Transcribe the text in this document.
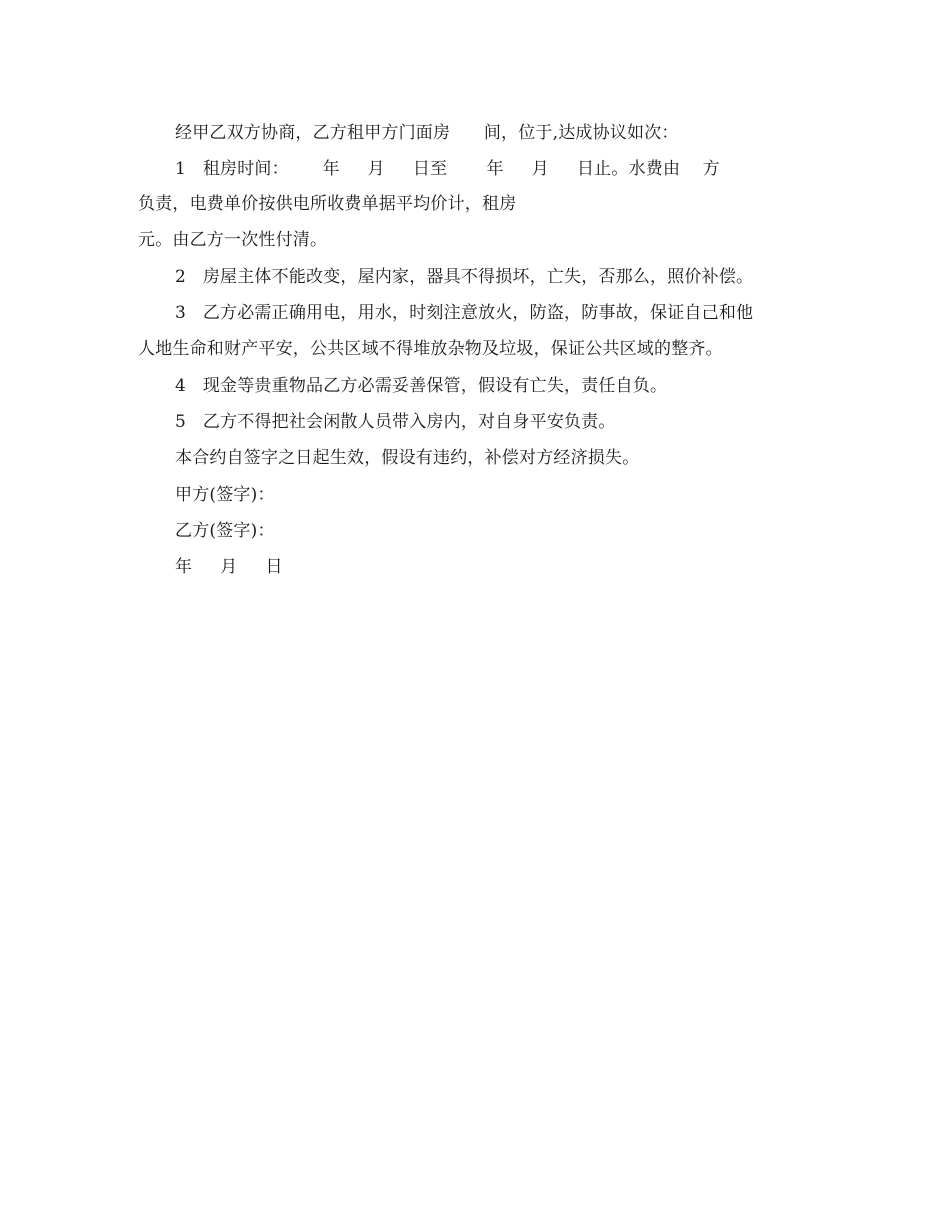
经甲乙双方协商，乙方租甲方门面房      间，位于,达成协议如次：
1   租房时间：      年     月     日至       年     月     日止。水费由    方
负责，电费单价按供电所收费单据平均价计，租房
元。由乙方一次性付清。
2   房屋主体不能改变，屋内家，器具不得损坏，亡失，否那么，照价补偿。
3   乙方必需正确用电，用水，时刻注意放火，防盗，防事故，保证自己和他
人地生命和财产平安，公共区域不得堆放杂物及垃圾，保证公共区域的整齐。
4   现金等贵重物品乙方必需妥善保管，假设有亡失，责任自负。
5   乙方不得把社会闲散人员带入房内，对自身平安负责。
本合约自签字之日起生效，假设有违约，补偿对方经济损失。
甲方(签字)：
乙方(签字)：
年     月     日
